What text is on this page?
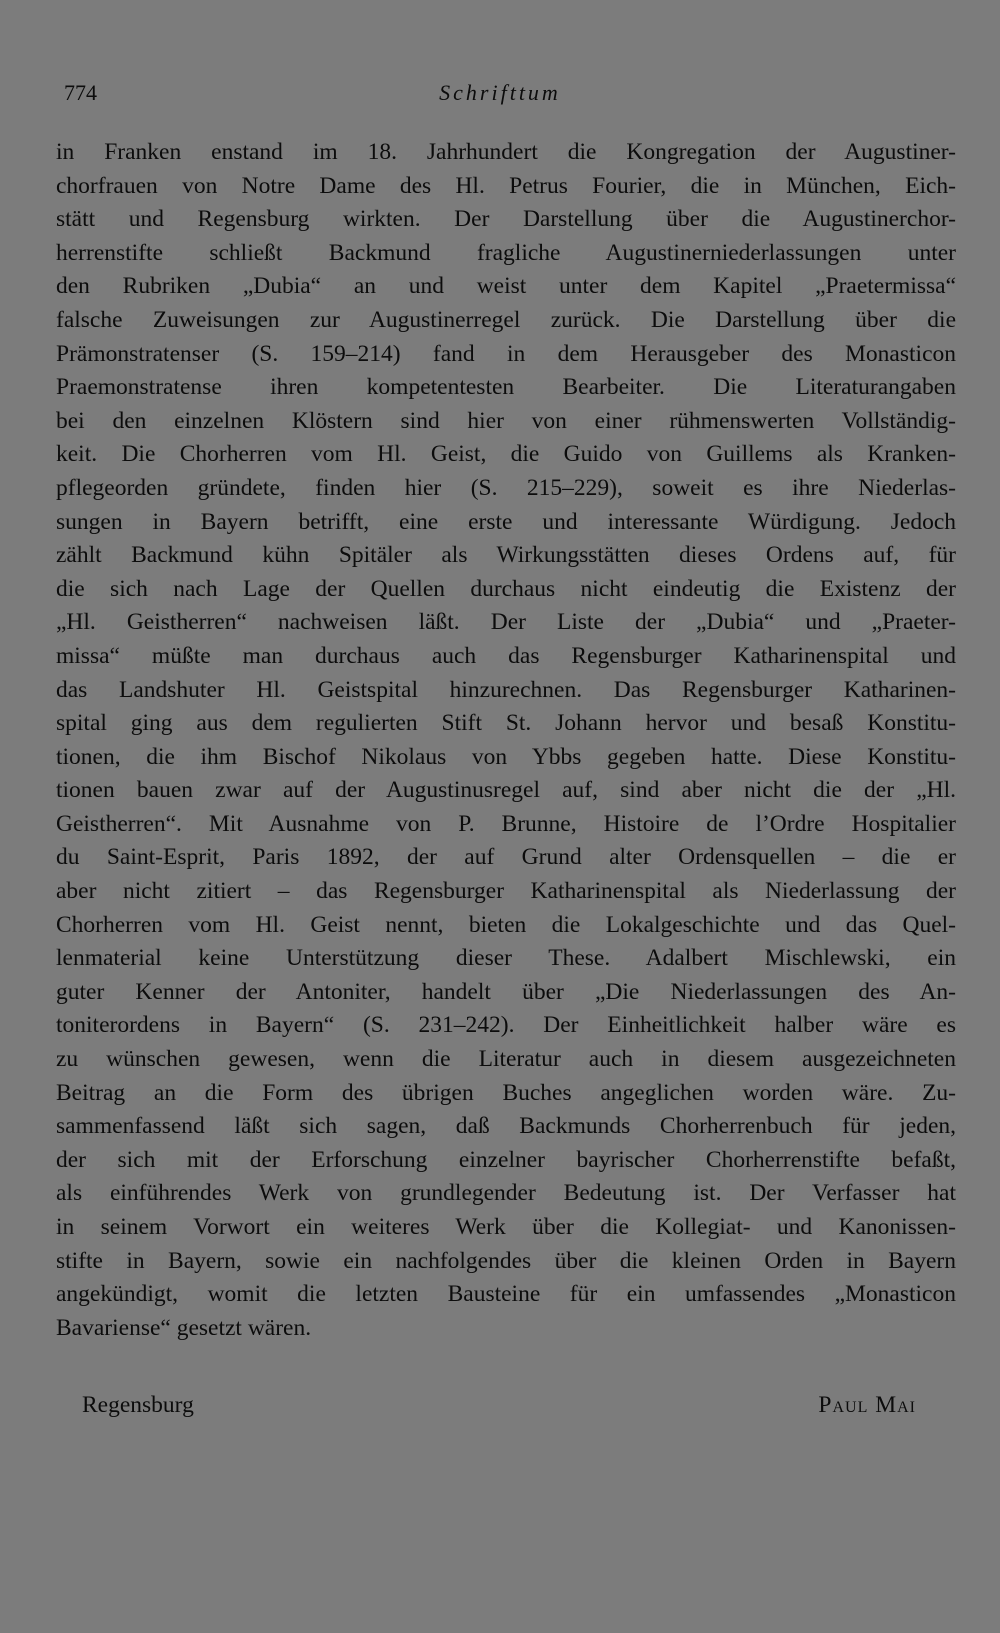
774	Schrifttum
in Franken enstand im 18. Jahrhundert die Kongregation der Augustiner-
chorfrauen von Notre Dame des Hl. Petrus Fourier, die in München, Eich-
stätt und Regensburg wirkten. Der Darstellung über die Augustinerchor-
herrenstifte schließt Backmund fragliche Augustinerniederlassungen unter
den Rubriken „Dubia“ an und weist unter dem Kapitel „Praetermissa“
falsche Zuweisungen zur Augustinerregel zurück. Die Darstellung über die
Prämonstratenser (S. 159–214) fand in dem Herausgeber des Monasticon
Praemonstratense ihren kompetentesten Bearbeiter. Die Literaturangaben
bei den einzelnen Klöstern sind hier von einer rühmenswerten Vollständig-
keit. Die Chorherren vom Hl. Geist, die Guido von Guillems als Kranken-
pflegeorden gründete, finden hier (S. 215–229), soweit es ihre Niederlas-
sungen in Bayern betrifft, eine erste und interessante Würdigung. Jedoch
zählt Backmund kühn Spitäler als Wirkungsstätten dieses Ordens auf, für
die sich nach Lage der Quellen durchaus nicht eindeutig die Existenz der
„Hl. Geistherren“ nachweisen läßt. Der Liste der „Dubia“ und „Praeter-
missa“ müßte man durchaus auch das Regensburger Katharinenspital und
das Landshuter Hl. Geistspital hinzurechnen. Das Regensburger Katharinen-
spital ging aus dem regulierten Stift St. Johann hervor und besaß Konstitu-
tionen, die ihm Bischof Nikolaus von Ybbs gegeben hatte. Diese Konstitu-
tionen bauen zwar auf der Augustinusregel auf, sind aber nicht die der „Hl.
Geistherren“. Mit Ausnahme von P. Brunne, Histoire de l’Ordre Hospitalier
du Saint-Esprit, Paris 1892, der auf Grund alter Ordensquellen – die er
aber nicht zitiert – das Regensburger Katharinenspital als Niederlassung der
Chorherren vom Hl. Geist nennt, bieten die Lokalgeschichte und das Quel-
lenmaterial keine Unterstützung dieser These. Adalbert Mischlewski, ein
guter Kenner der Antoniter, handelt über „Die Niederlassungen des An-
toniterordens in Bayern“ (S. 231–242). Der Einheitlichkeit halber wäre es
zu wünschen gewesen, wenn die Literatur auch in diesem ausgezeichneten
Beitrag an die Form des übrigen Buches angeglichen worden wäre. Zu-
sammenfassend läßt sich sagen, daß Backmunds Chorherrenbuch für jeden,
der sich mit der Erforschung einzelner bayrischer Chorherrenstifte befaßt,
als einführendes Werk von grundlegender Bedeutung ist. Der Verfasser hat
in seinem Vorwort ein weiteres Werk über die Kollegiat- und Kanonissen-
stifte in Bayern, sowie ein nachfolgendes über die kleinen Orden in Bayern
angekündigt, womit die letzten Bausteine für ein umfassendes „Monasticon
Bavariense“ gesetzt wären.
Regensburg	Paul Mai
